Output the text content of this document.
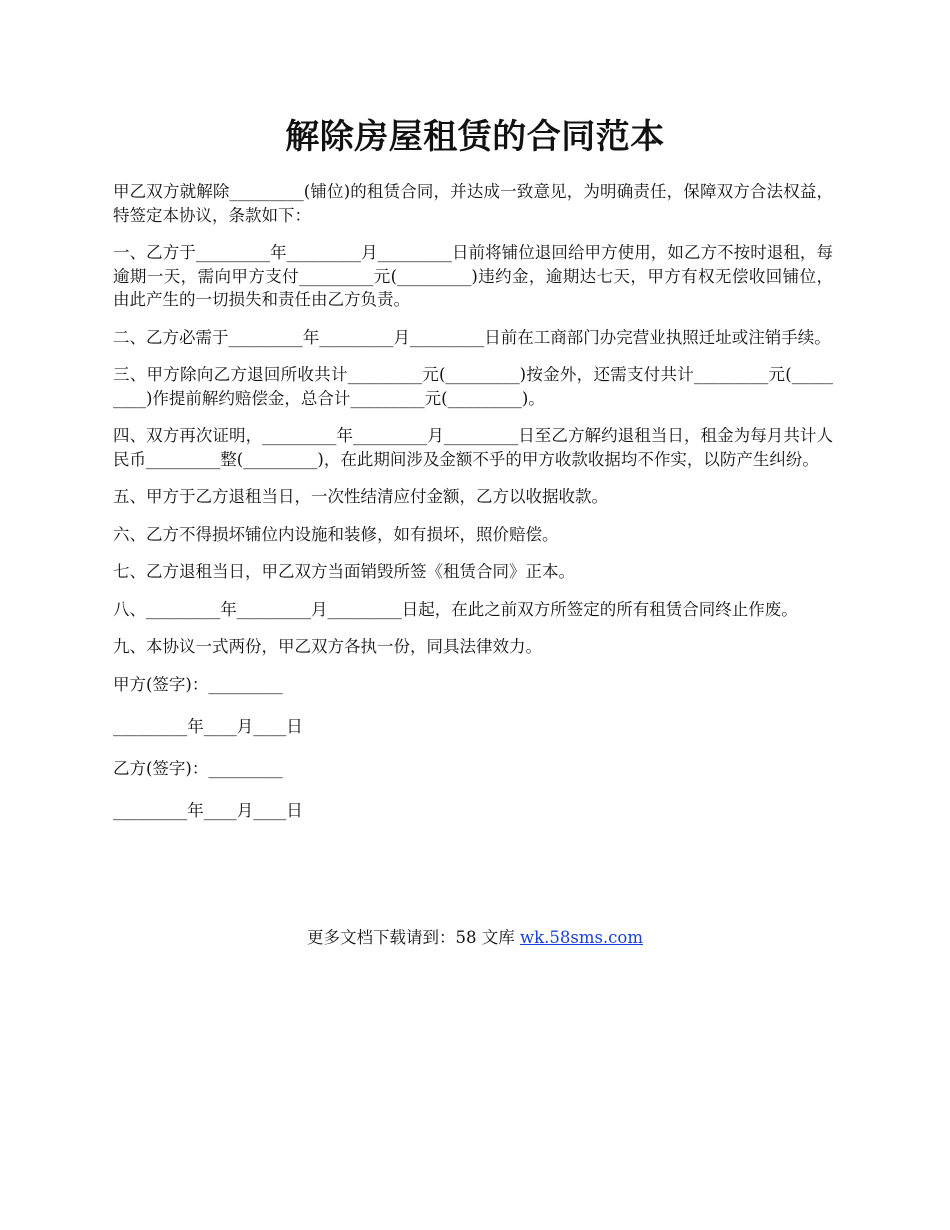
解除房屋租赁的合同范本

甲乙双方就解除_________(铺位)的租赁合同，并达成一致意见，为明确责任，保障双方合法权益，特签定本协议，条款如下：

一、乙方于_________年_________月_________日前将铺位退回给甲方使用，如乙方不按时退租，每逾期一天，需向甲方支付_________元(_________)违约金，逾期达七天，甲方有权无偿收回铺位，由此产生的一切损失和责任由乙方负责。

二、乙方必需于_________年_________月_________日前在工商部门办完营业执照迁址或注销手续。

三、甲方除向乙方退回所收共计_________元(_________)按金外，还需支付共计_________元(_________)作提前解约赔偿金，总合计_________元(_________)。

四、双方再次证明，_________年_________月_________日至乙方解约退租当日，租金为每月共计人民币_________整(_________)，在此期间涉及金额不乎的甲方收款收据均不作实，以防产生纠纷。

五、甲方于乙方退租当日，一次性结清应付金额，乙方以收据收款。

六、乙方不得损坏铺位内设施和装修，如有损坏，照价赔偿。

七、乙方退租当日，甲乙双方当面销毁所签《租赁合同》正本。

八、_________年_________月_________日起，在此之前双方所签定的所有租赁合同终止作废。

九、本协议一式两份，甲乙双方各执一份，同具法律效力。

甲方(签字)：_________

_________年____月____日

乙方(签字)：_________

_________年____月____日

更多文档下载请到：58 文库 wk.58sms.com
